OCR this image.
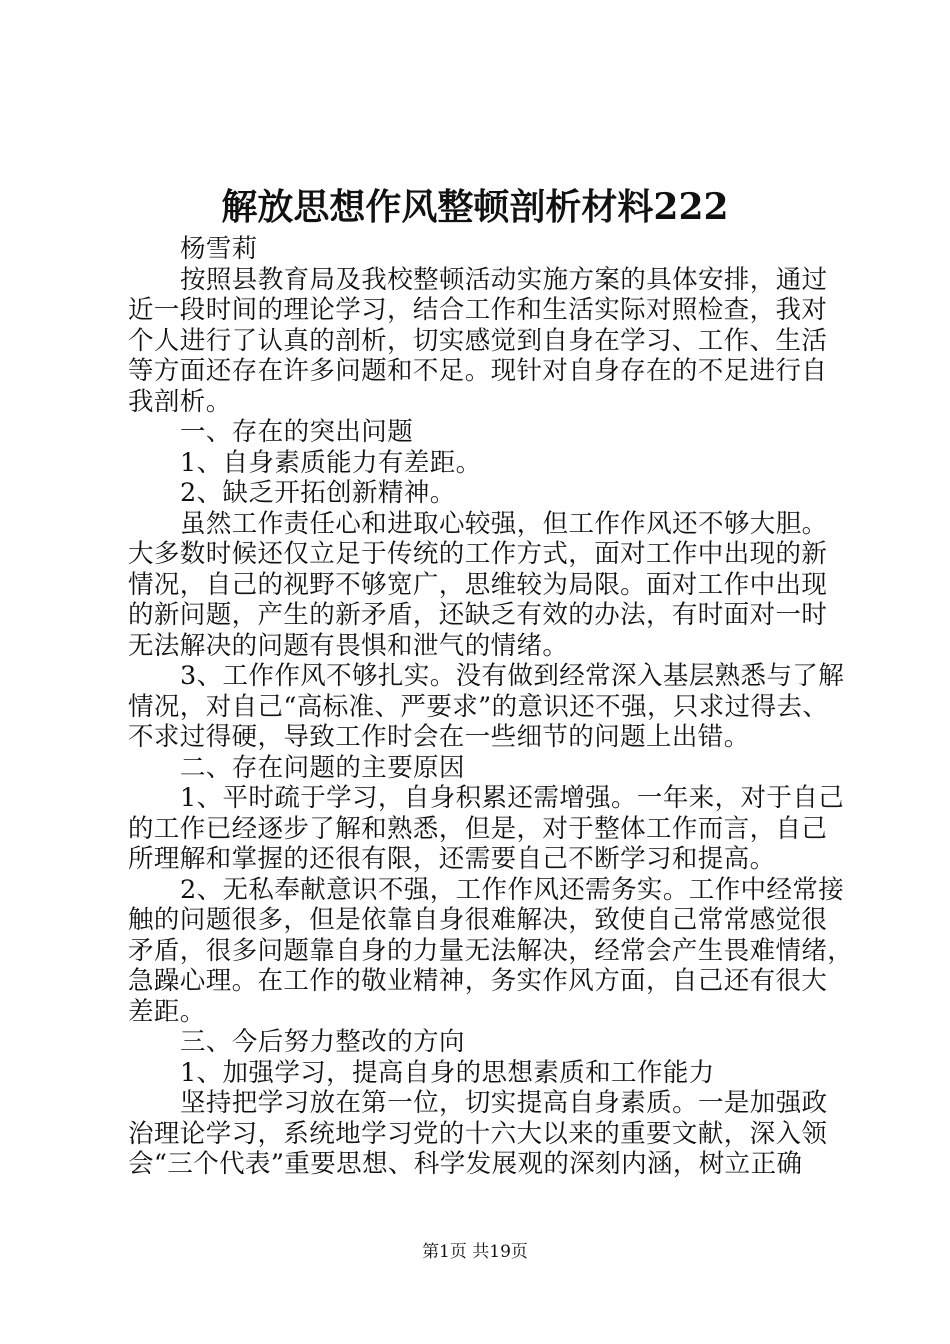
解放思想作风整顿剖析材料222
杨雪莉
按照县教育局及我校整顿活动实施方案的具体安排，通过
近一段时间的理论学习，结合工作和生活实际对照检查，我对
个人进行了认真的剖析，切实感觉到自身在学习、工作、生活
等方面还存在许多问题和不足。现针对自身存在的不足进行自
我剖析。
一、存在的突出问题
1、自身素质能力有差距。
2、缺乏开拓创新精神。
虽然工作责任心和进取心较强，但工作作风还不够大胆。
大多数时候还仅立足于传统的工作方式，面对工作中出现的新
情况，自己的视野不够宽广，思维较为局限。面对工作中出现
的新问题，产生的新矛盾，还缺乏有效的办法，有时面对一时
无法解决的问题有畏惧和泄气的情绪。
3、工作作风不够扎实。没有做到经常深入基层熟悉与了解
情况，对自己“高标准、严要求”的意识还不强，只求过得去、
不求过得硬，导致工作时会在一些细节的问题上出错。
二、存在问题的主要原因
1、平时疏于学习，自身积累还需增强。一年来，对于自己
的工作已经逐步了解和熟悉，但是，对于整体工作而言，自己
所理解和掌握的还很有限，还需要自己不断学习和提高。
2、无私奉献意识不强，工作作风还需务实。工作中经常接
触的问题很多，但是依靠自身很难解决，致使自己常常感觉很
矛盾，很多问题靠自身的力量无法解决，经常会产生畏难情绪，
急躁心理。在工作的敬业精神，务实作风方面，自己还有很大
差距。
三、今后努力整改的方向
1、加强学习，提高自身的思想素质和工作能力
坚持把学习放在第一位，切实提高自身素质。一是加强政
治理论学习，系统地学习党的十六大以来的重要文献，深入领
会“三个代表”重要思想、科学发展观的深刻内涵，树立正确
第1页 共19页
